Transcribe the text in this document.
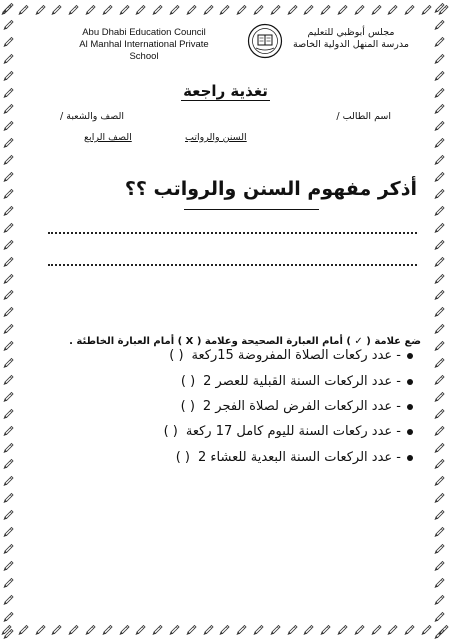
Abu Dhabi Education Council
Al Manhal International Private School
مجلس أبوظبي للتعليم
مدرسة المنهل الدولية الخاصة
تغذية راجعة
اسم الطالب /
الصف والشعبة /
السنن والرواتب
الصف الرابع
أذكر مفهوم السنن والرواتب ؟؟
ضع علامة ( ✓ ) أمام العبارة الصحيحة وعلامة ( X ) أمام العبارة الخاطئة .
- عدد ركعات الصلاة المفروضة 15ركعة( )
- عدد الركعات السنة القبلية للعصر 2( )
- عدد الركعات الفرض لصلاة الفجر 2( )
- عدد ركعات السنة لليوم كامل 17 ركعة( )
- عدد الركعات السنة البعدية للعشاء 2( )
